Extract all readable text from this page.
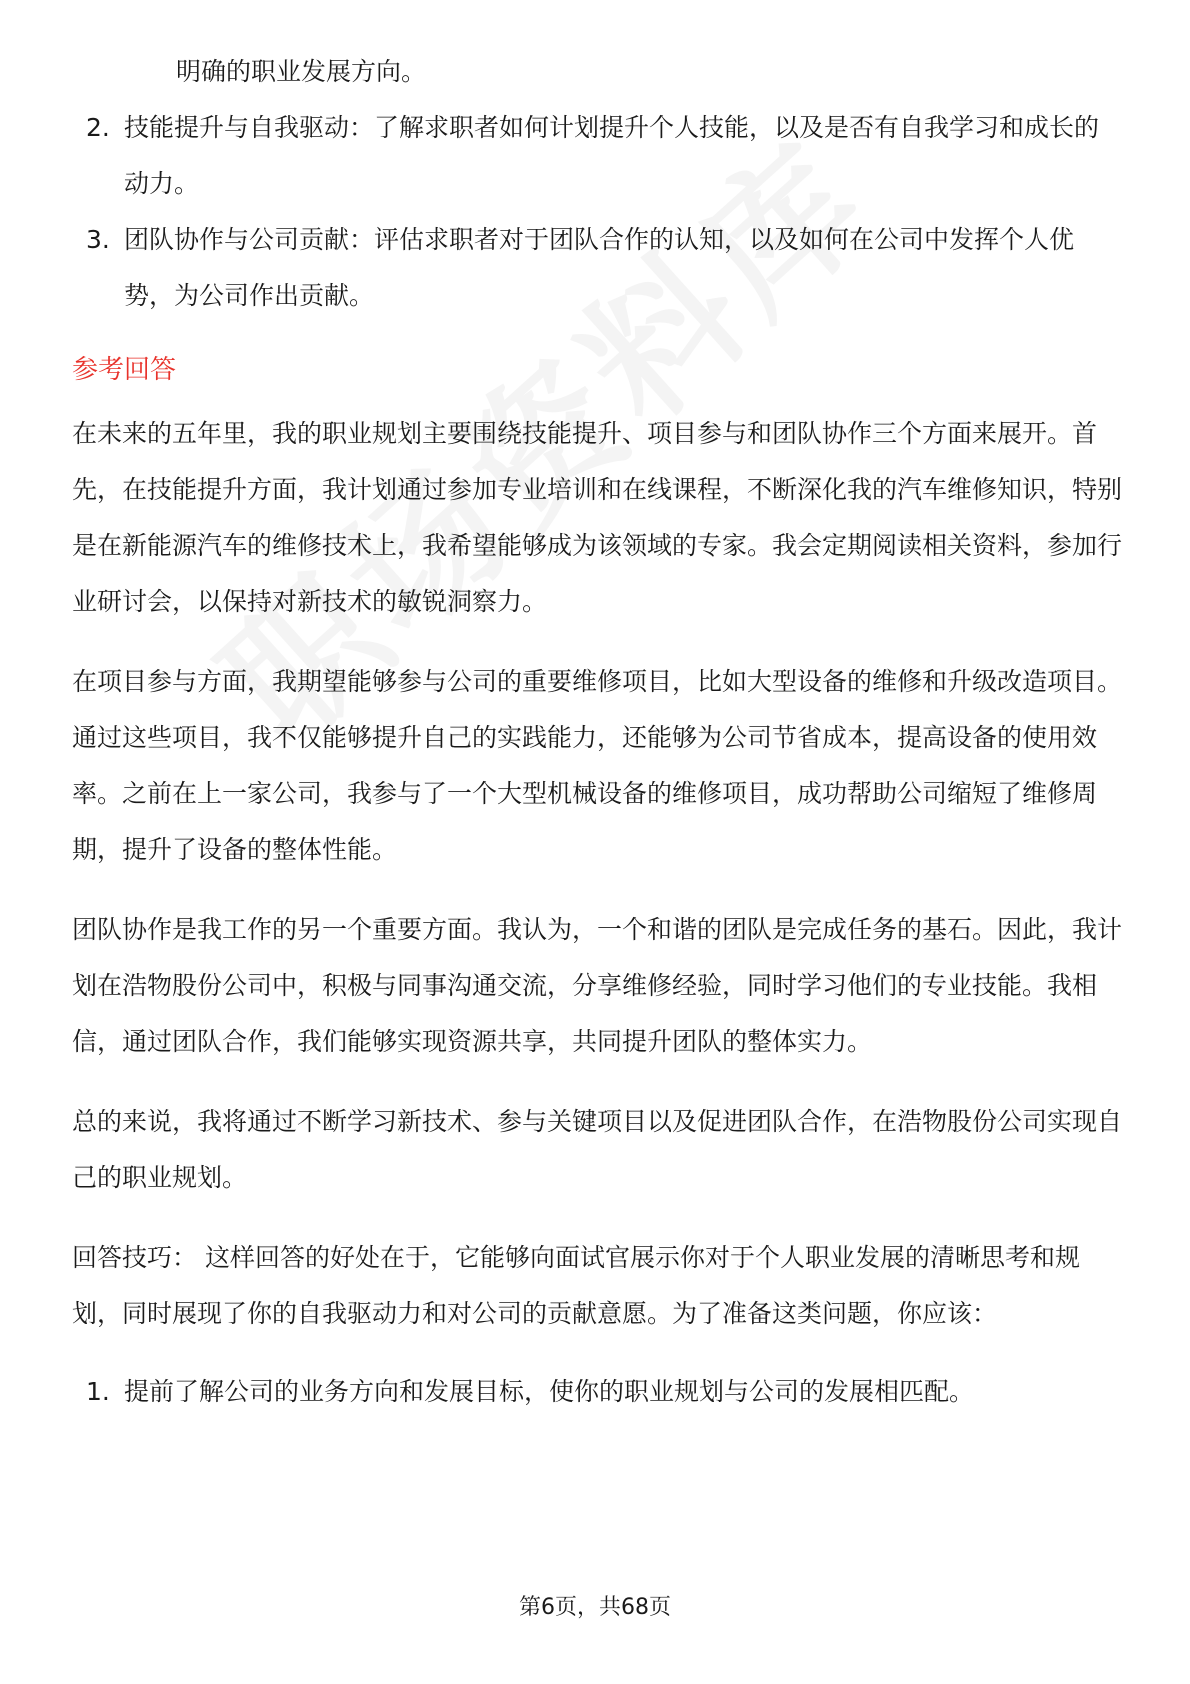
明确的职业发展方向。
2. 技能提升与自我驱动：了解求职者如何计划提升个人技能，以及是否有自我学习和成长的动力。
3. 团队协作与公司贡献：评估求职者对于团队合作的认知，以及如何在公司中发挥个人优势，为公司作出贡献。
参考回答

在未来的五年里，我的职业规划主要围绕技能提升、项目参与和团队协作三个方面来展开。首先，在技能提升方面，我计划通过参加专业培训和在线课程，不断深化我的汽车维修知识，特别是在新能源汽车的维修技术上，我希望能够成为该领域的专家。我会定期阅读相关资料，参加行业研讨会，以保持对新技术的敏锐洞察力。

在项目参与方面，我期望能够参与公司的重要维修项目，比如大型设备的维修和升级改造项目。通过这些项目，我不仅能够提升自己的实践能力，还能够为公司节省成本，提高设备的使用效率。之前在上一家公司，我参与了一个大型机械设备的维修项目，成功帮助公司缩短了维修周期，提升了设备的整体性能。

团队协作是我工作的另一个重要方面。我认为，一个和谐的团队是完成任务的基石。因此，我计划在浩物股份公司中，积极与同事沟通交流，分享维修经验，同时学习他们的专业技能。我相信，通过团队合作，我们能够实现资源共享，共同提升团队的整体实力。

总的来说，我将通过不断学习新技术、参与关键项目以及促进团队合作，在浩物股份公司实现自己的职业规划。

回答技巧： 这样回答的好处在于，它能够向面试官展示你对于个人职业发展的清晰思考和规划，同时展现了你的自我驱动力和对公司的贡献意愿。为了准备这类问题，你应该：

1. 提前了解公司的业务方向和发展目标，使你的职业规划与公司的发展相匹配。
第6页，共68页
